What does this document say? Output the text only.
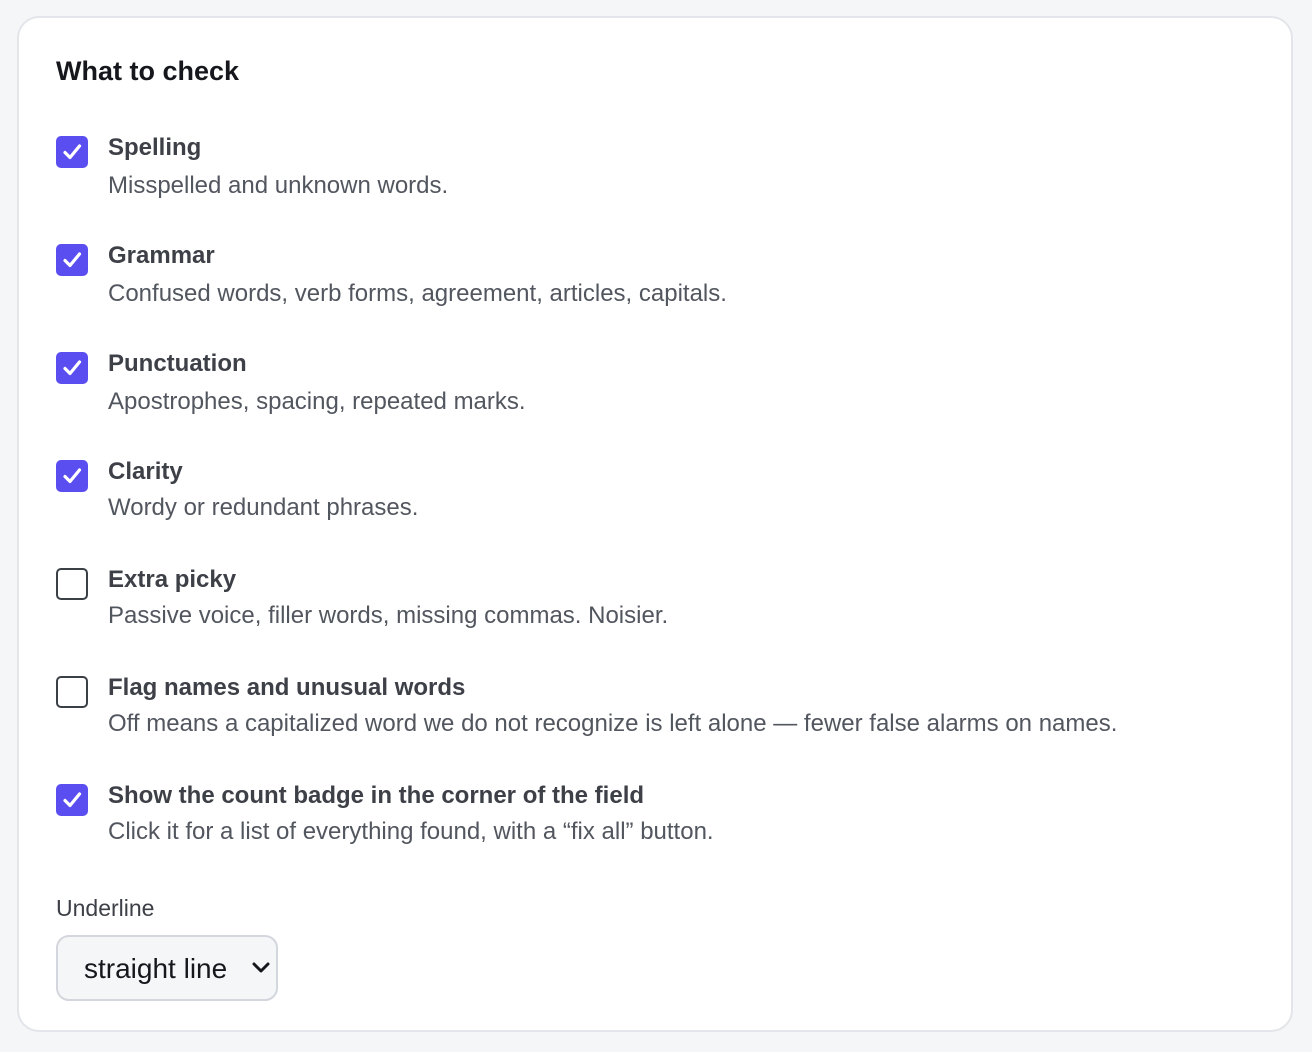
What to check
Spelling
Misspelled and unknown words.
Grammar
Confused words, verb forms, agreement, articles, capitals.
Punctuation
Apostrophes, spacing, repeated marks.
Clarity
Wordy or redundant phrases.
Extra picky
Passive voice, filler words, missing commas. Noisier.
Flag names and unusual words
Off means a capitalized word we do not recognize is left alone — fewer false alarms on names.
Show the count badge in the corner of the field
Click it for a list of everything found, with a “fix all” button.
Underline
straight line
